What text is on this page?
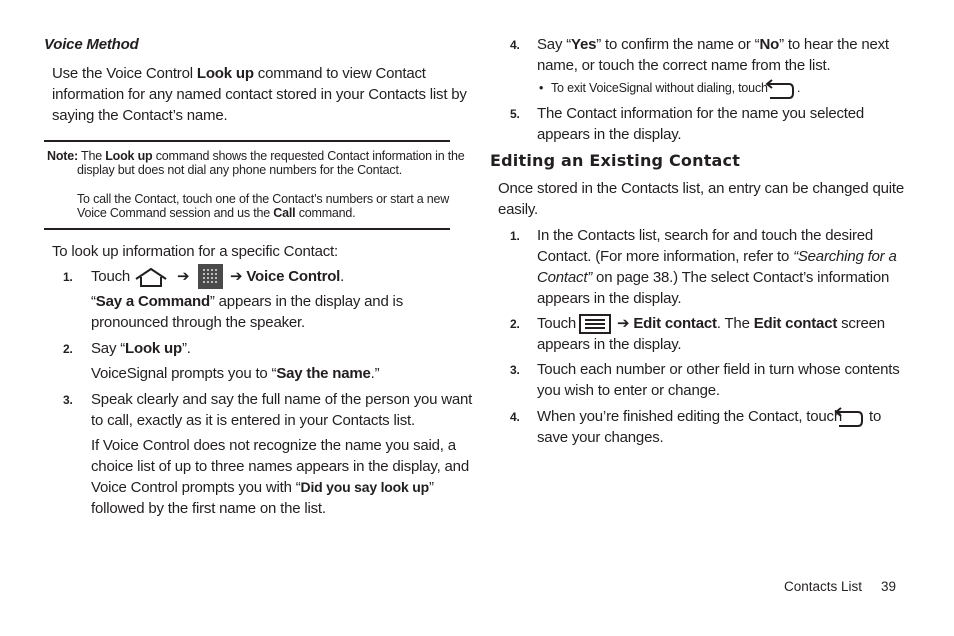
Voice Method
Use the Voice Control Look up command to view Contact
information for any named contact stored in your Contacts list by
saying the Contact’s name.
Note: The Look up command shows the requested Contact information in the
display but does not dial any phone numbers for the Contact.
To call the Contact, touch one of the Contact’s numbers or start a new
Voice Command session and us the Call command.
To look up information for a specific Contact:
1. Touch	➔	➔ Voice Control.
“Say a Command” appears in the display and is
pronounced through the speaker.
2. Say “Look up”.
VoiceSignal prompts you to “Say the name.”
3. Speak clearly and say the full name of the person you want
to call, exactly as it is entered in your Contacts list.
If Voice Control does not recognize the name you said, a
choice list of up to three names appears in the display, and
Voice Control prompts you with “Did you say look up”
followed by the first name on the list.
4. Say “Yes” to confirm the name or “No” to hear the next
name, or touch the correct name from the list.
• To exit VoiceSignal without dialing, touch .
5. The Contact information for the name you selected
appears in the display.
Editing an Existing Contact
Once stored in the Contacts list, an entry can be changed quite
easily.
1. In the Contacts list, search for and touch the desired
Contact. (For more information, refer to “Searching for a
Contact” on page 38.) The select Contact’s information
appears in the display.
2. Touch	➔ Edit contact. The Edit contact screen
appears in the display.
3. Touch each number or other field in turn whose contents
you wish to enter or change.
4. When you’re finished editing the Contact, touch to
save your changes.
Contacts List 39
